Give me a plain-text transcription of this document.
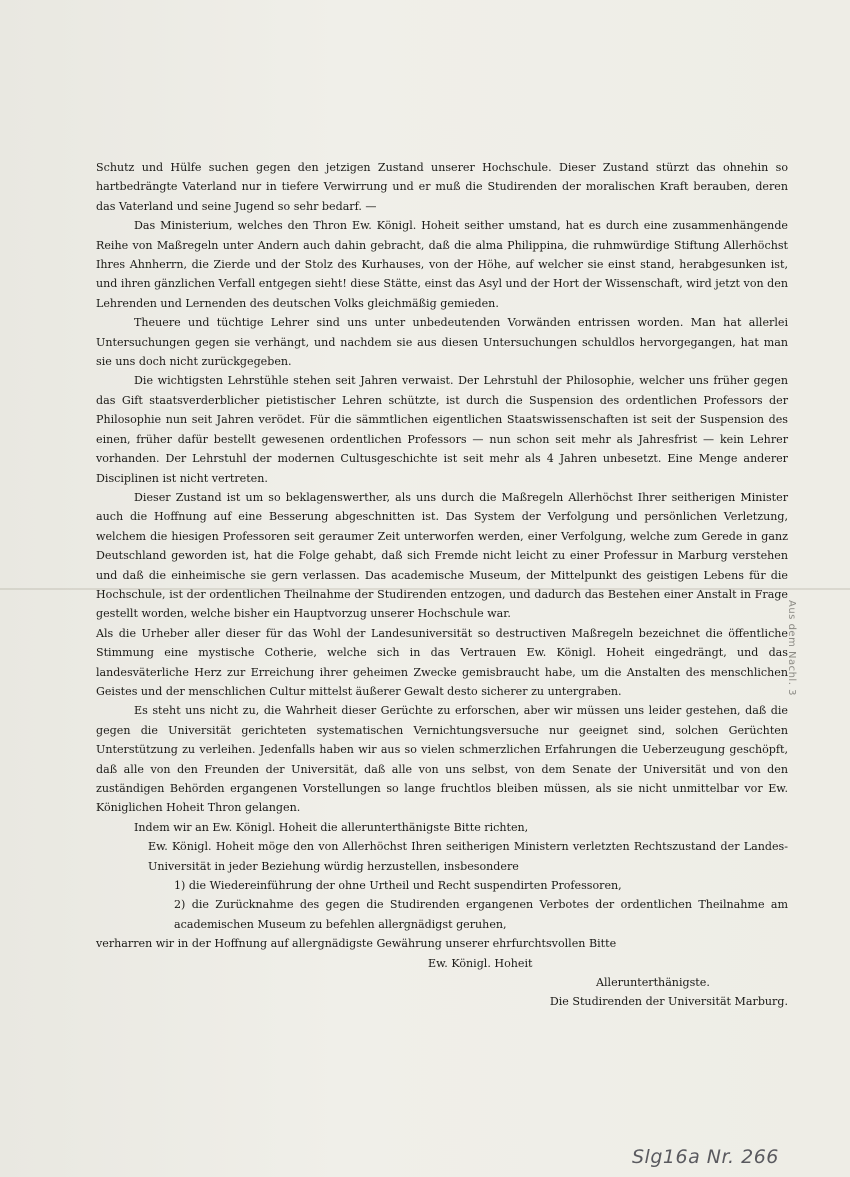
Schutz und Hülfe suchen gegen den jetzigen Zustand unserer Hochschule. Dieser Zustand stürzt das ohnehin so hartbedrängte Vaterland nur in tiefere Verwirrung und er muß die Studirenden der moralischen Kraft berauben, deren das Vaterland und seine Jugend so sehr bedarf. —

Das Ministerium, welches den Thron Ew. Königl. Hoheit seither umstand, hat es durch eine zusammenhängende Reihe von Maßregeln unter Andern auch dahin gebracht, daß die alma Philippina, die ruhmwürdige Stiftung Allerhöchst Ihres Ahnherrn, die Zierde und der Stolz des Kurhauses, von der Höhe, auf welcher sie einst stand, herabgesunken ist, und ihren gänzlichen Verfall entgegen sieht! diese Stätte, einst das Asyl und der Hort der Wissenschaft, wird jetzt von den Lehrenden und Lernenden des deutschen Volks gleichmäßig gemieden.

Theuere und tüchtige Lehrer sind uns unter unbedeutenden Vorwänden entrissen worden. Man hat allerlei Untersuchungen gegen sie verhängt, und nachdem sie aus diesen Untersuchungen schuldlos hervorgegangen, hat man sie uns doch nicht zurückgegeben.

Die wichtigsten Lehrstühle stehen seit Jahren verwaist. Der Lehrstuhl der Philosophie, welcher uns früher gegen das Gift staatsverderblicher pietistischer Lehren schützte, ist durch die Suspension des ordentlichen Professors der Philosophie nun seit Jahren verödet. Für die sämmtlichen eigentlichen Staatswissenschaften ist seit der Suspension des einen, früher dafür bestellt gewesenen ordentlichen Professors — nun schon seit mehr als Jahresfrist — kein Lehrer vorhanden. Der Lehrstuhl der modernen Cultusgeschichte ist seit mehr als 4 Jahren unbesetzt. Eine Menge anderer Disciplinen ist nicht vertreten.

Dieser Zustand ist um so beklagenswerther, als uns durch die Maßregeln Allerhöchst Ihrer seitherigen Minister auch die Hoffnung auf eine Besserung abgeschnitten ist. Das System der Verfolgung und persönlichen Verletzung, welchem die hiesigen Professoren seit geraumer Zeit unterworfen werden, einer Verfolgung, welche zum Gerede in ganz Deutschland geworden ist, hat die Folge gehabt, daß sich Fremde nicht leicht zu einer Professur in Marburg verstehen und daß die einheimische sie gern verlassen. Das academische Museum, der Mittelpunkt des geistigen Lebens für die Hochschule, ist der ordentlichen Theilnahme der Studirenden entzogen, und dadurch das Bestehen einer Anstalt in Frage gestellt worden, welche bisher ein Hauptvorzug unserer Hochschule war.

Als die Urheber aller dieser für das Wohl der Landesuniversität so destructiven Maßregeln bezeichnet die öffentliche Stimmung eine mystische Cotherie, welche sich in das Vertrauen Ew. Königl. Hoheit eingedrängt, und das landesväterliche Herz zur Erreichung ihrer geheimen Zwecke gemisbraucht habe, um die Anstalten des menschlichen Geistes und der menschlichen Cultur mittelst äußerer Gewalt desto sicherer zu untergraben.

Es steht uns nicht zu, die Wahrheit dieser Gerüchte zu erforschen, aber wir müssen uns leider gestehen, daß die gegen die Universität gerichteten systematischen Vernichtungsversuche nur geeignet sind, solchen Gerüchten Unterstützung zu verleihen. Jedenfalls haben wir aus so vielen schmerzlichen Erfahrungen die Ueberzeugung geschöpft, daß alle von den Freunden der Universität, daß alle von uns selbst, von dem Senate der Universität und von den zuständigen Behörden ergangenen Vorstellungen so lange fruchtlos bleiben müssen, als sie nicht unmittelbar vor Ew. Königlichen Hoheit Thron gelangen.

Indem wir an Ew. Königl. Hoheit die allerunterthänigste Bitte richten,

Ew. Königl. Hoheit möge den von Allerhöchst Ihren seitherigen Ministern verletzten Rechtszustand der Landes-Universität in jeder Beziehung würdig herzustellen, insbesondere

1) die Wiedereinführung der ohne Urtheil und Recht suspendirten Professoren,

2) die Zurücknahme des gegen die Studirenden ergangenen Verbotes der ordentlichen Theilnahme am academischen Museum zu befehlen allergnädigst geruhen,

verharren wir in der Hoffnung auf allergnädigste Gewährung unserer ehrfurchtsvollen Bitte

Ew. Königl. Hoheit

Allerunterthänigste.

Die Studirenden der Universität Marburg.

Aus dem Nachl. 3
Slg16a Nr. 266
